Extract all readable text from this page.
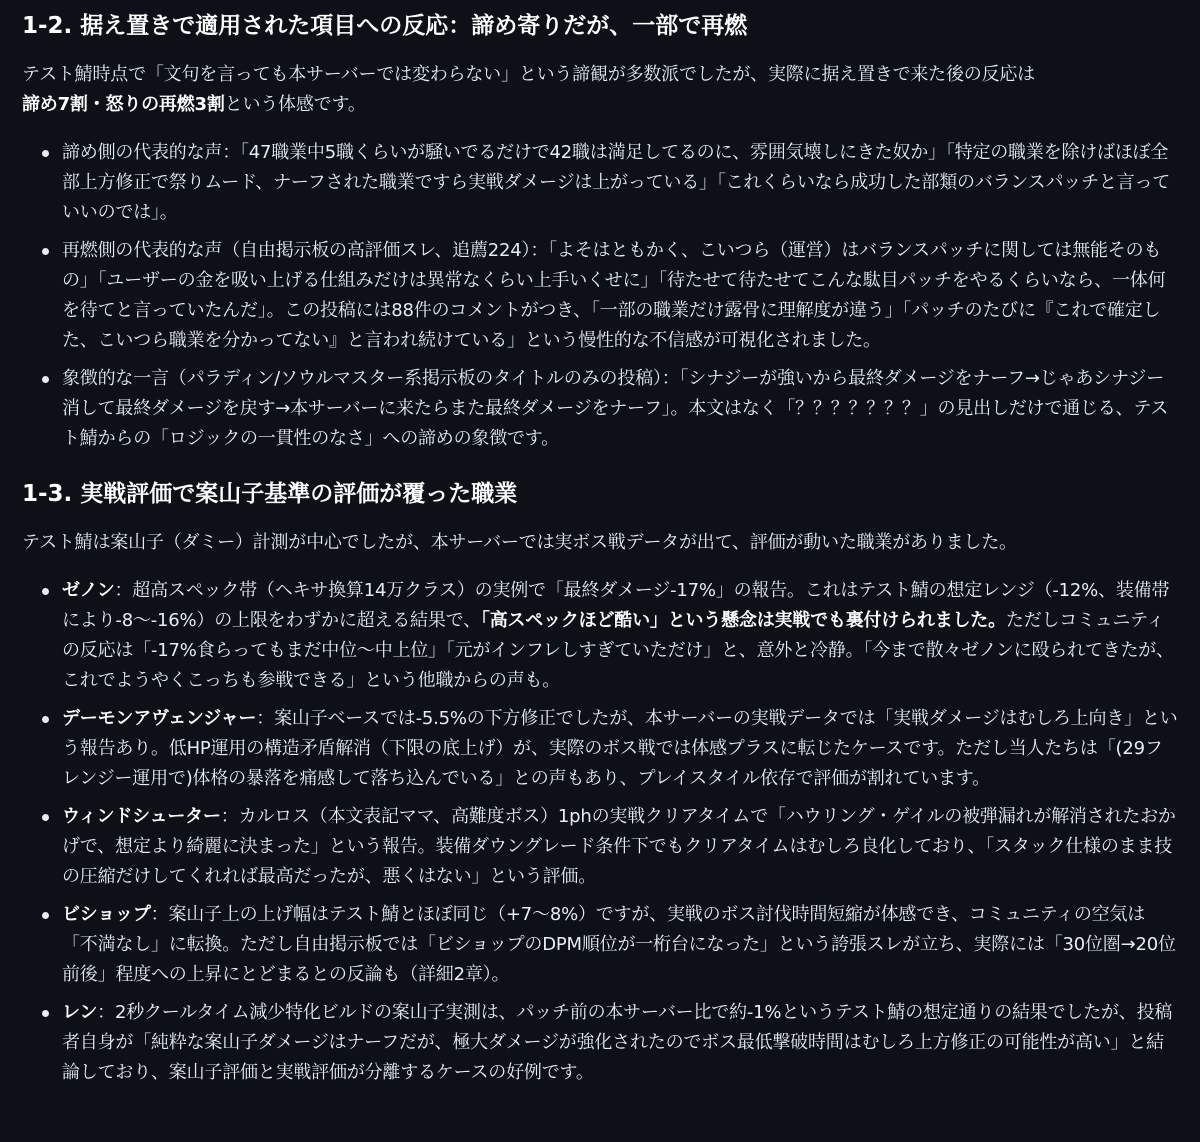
1-2. 据え置きで適用された項目への反応：諦め寄りだが、一部で再燃

テスト鯖時点で「文句を言っても本サーバーでは変わらない」という諦観が多数派でしたが、実際に据え置きで来た後の反応は
諦め7割・怒りの再燃3割という体感です。

諦め側の代表的な声：「47職業中5職くらいが騒いでるだけで42職は満足してるのに、雰囲気壊しにきた奴か」「特定の職業を除けばほぼ全部上方修正で祭りムード、ナーフされた職業ですら実戦ダメージは上がっている」「これくらいなら成功した部類のバランスパッチと言っていいのでは」。
再燃側の代表的な声（自由掲示板の高評価スレ、追薦224）：「よそはともかく、こいつら（運営）はバランスパッチに関しては無能そのもの」「ユーザーの金を吸い上げる仕組みだけは異常なくらい上手いくせに」「待たせて待たせてこんな駄目パッチをやるくらいなら、一体何を待てと言っていたんだ」。この投稿には88件のコメントがつき、「一部の職業だけ露骨に理解度が違う」「パッチのたびに『これで確定した、こいつら職業を分かってない』と言われ続けている」という慢性的な不信感が可視化されました。
象徴的な一言（パラディン/ソウルマスター系掲示板のタイトルのみの投稿）：「シナジーが強いから最終ダメージをナーフ→じゃあシナジー消して最終ダメージを戻す→本サーバーに来たらまた最終ダメージをナーフ」。本文はなく「？？？？？？？」の見出しだけで通じる、テスト鯖からの「ロジックの一貫性のなさ」への諦めの象徴です。
1-3. 実戦評価で案山子基準の評価が覆った職業

テスト鯖は案山子（ダミー）計測が中心でしたが、本サーバーでは実ボス戦データが出て、評価が動いた職業がありました。

ゼノン：超高スペック帯（ヘキサ換算14万クラス）の実例で「最終ダメージ-17%」の報告。これはテスト鯖の想定レンジ（-12%、装備帯により-8〜-16%）の上限をわずかに超える結果で、「高スペックほど酷い」という懸念は実戦でも裏付けられました。ただしコミュニティの反応は「-17%食らってもまだ中位〜中上位」「元がインフレしすぎていただけ」と、意外と冷静。「今まで散々ゼノンに殴られてきたが、これでようやくこっちも参戦できる」という他職からの声も。
デーモンアヴェンジャー：案山子ベースでは-5.5%の下方修正でしたが、本サーバーの実戦データでは「実戦ダメージはむしろ上向き」という報告あり。低HP運用の構造矛盾解消（下限の底上げ）が、実際のボス戦では体感プラスに転じたケースです。ただし当人たちは「(29フレンジー運用で)体格の暴落を痛感して落ち込んでいる」との声もあり、プレイスタイル依存で評価が割れています。
ウィンドシューター：カルロス（本文表記ママ、高難度ボス）1phの実戦クリアタイムで「ハウリング・ゲイルの被弾漏れが解消されたおかげで、想定より綺麗に決まった」という報告。装備ダウングレード条件下でもクリアタイムはむしろ良化しており、「スタック仕様のまま技の圧縮だけしてくれれば最高だったが、悪くはない」という評価。
ビショップ：案山子上の上げ幅はテスト鯖とほぼ同じ（+7〜8%）ですが、実戦のボス討伐時間短縮が体感でき、コミュニティの空気は「不満なし」に転換。ただし自由掲示板では「ビショップのDPM順位が一桁台になった」という誇張スレが立ち、実際には「30位圏→20位前後」程度への上昇にとどまるとの反論も（詳細2章）。
レン：2秒クールタイム減少特化ビルドの案山子実測は、パッチ前の本サーバー比で約-1%というテスト鯖の想定通りの結果でしたが、投稿者自身が「純粋な案山子ダメージはナーフだが、極大ダメージが強化されたのでボス最低撃破時間はむしろ上方修正の可能性が高い」と結論しており、案山子評価と実戦評価が分離するケースの好例です。
